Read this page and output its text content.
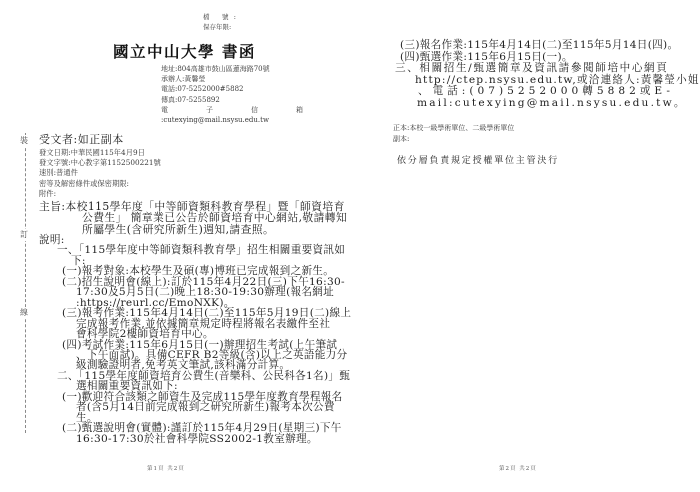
裝
訂
線
檔 號:
保存年限:
國立中山大學 書函
地址:804高雄市鼓山區蓮海路70號
承辦人:黃馨瑩
電話:07-5252000#5882
傳真:07-5255892
電子信箱
:cutexying@mail.nsysu.edu.tw
受文者:如正副本
發文日期:中華民國115年4月9日
發文字號:中心教字第1152500221號
速別:普通件
密等及解密條件或保密期限:
附件:
主旨:本校115學年度「中等師資類科教育學程」暨「師資培育
公費生」 簡章業已公告於師資培育中心網站,敬請轉知
所屬學生(含研究所新生)週知,請查照。
說明:
一、「115學年度中等師資類科教育學」招生相關重要資訊如
下:
(一)報考對象:本校學生及碩(專)博班已完成報到之新生。
(二)招生說明會(線上):訂於115年4月22日(三)下午16:30-
17:30及5月5日(二)晚上18:30-19:30辦理(報名網址
:https://reurl.cc/EmoNXK)。
(三)報考作業:115年4月14日(二)至115年5月19日(二)線上
完成報考作業,並依據簡章規定時程將報名表繳件至社
會科學院2樓師資培育中心。
(四)考試作業:115年6月15日(一)辦理招生考試(上午筆試
、下午面試)。具備CEFR B2等級(含)以上之英語能力分
級測驗證明者,免考英文筆試,該科滿分計算。
二、「115學年度師資培育公費生(音樂科、公民科各1名)」甄
選相關重要資訊如下:
(一)歡迎符合該類之師資生及完成115學年度教育學程報名
者(含5月14日前完成報到之研究所新生)報考本次公費
生。
(二)甄選說明會(實體):謹訂於115年4月29日(星期三)下午
16:30-17:30於社會科學院SS2002-1教室辦理。
第1頁 共2頁
(三)報名作業:115年4月14日(二)至115年5月14日(四)。
(四)甄選作業:115年6月15日(一)。
三、相關招生/甄選簡章及資訊請參閱師培中心網頁
http://ctep.nsysu.edu.tw,或洽連絡人:黃馨瑩小姐
、電話:(07)5252000轉5882或E-
mail:cutexying@mail.nsysu.edu.tw。
正本:本校一級學術單位、二級學術單位
副本:
依分層負責規定授權單位主管決行
第2頁 共2頁
